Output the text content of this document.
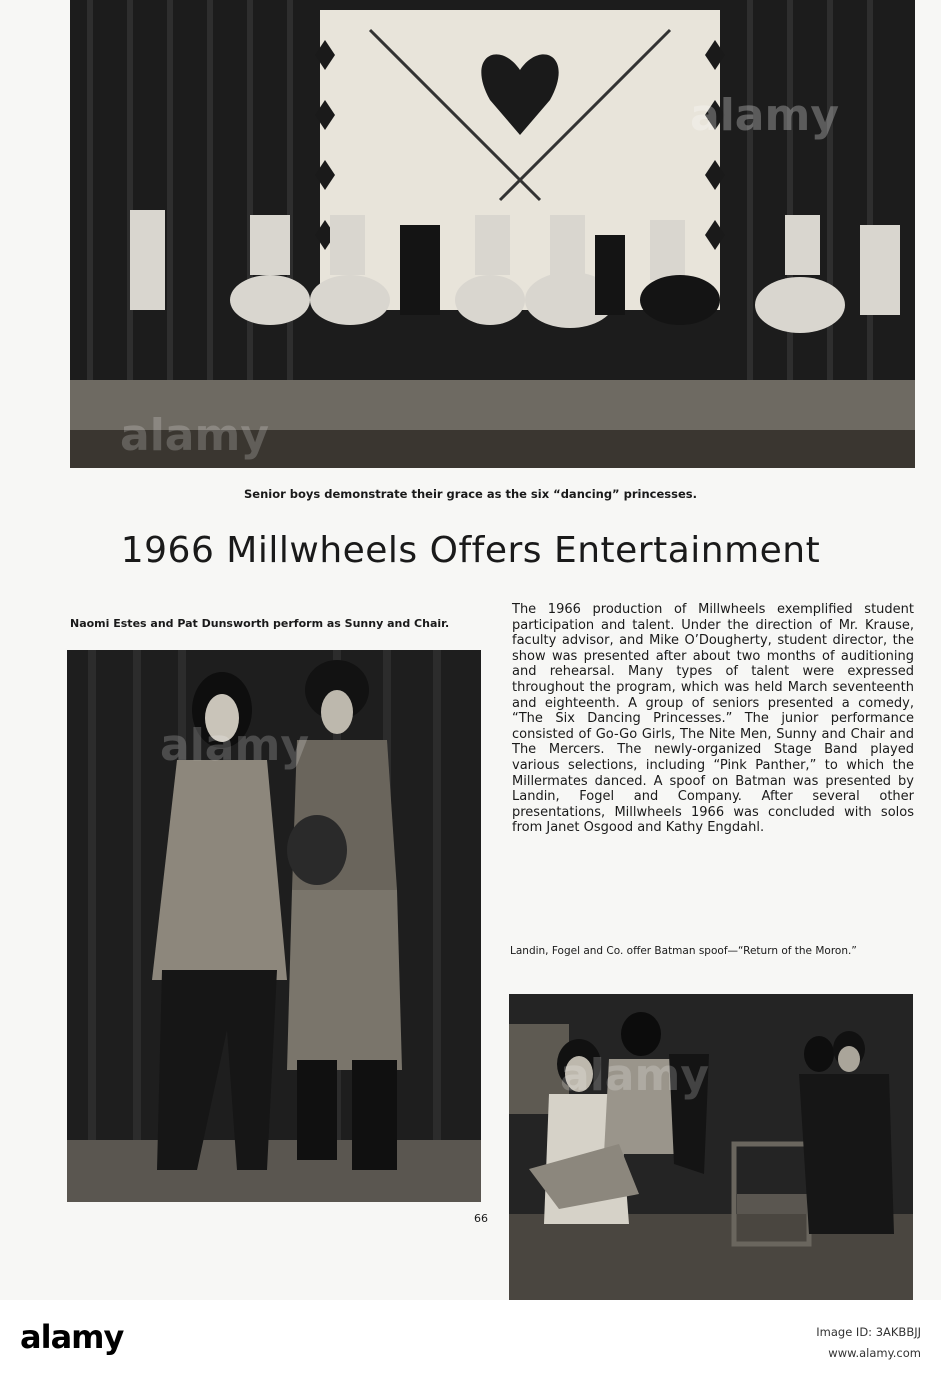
Senior boys demonstrate their grace as the six “dancing” princesses.
1966 Millwheels Offers Entertainment
Naomi Estes and Pat Dunsworth perform as Sunny and Chair.
The 1966 production of Millwheels exemplified student participation and talent. Under the direction of Mr. Krause, faculty advisor, and Mike O’Dougherty, student director, the show was presented after about two months of auditioning and rehearsal. Many types of talent were expressed throughout the program, which was held March seventeenth and eighteenth. A group of seniors presented a comedy, “The Six Dancing Princesses.” The junior performance consisted of Go-Go Girls, The Nite Men, Sunny and Chair and The Mercers. The newly-organized Stage Band played various selections, including “Pink Panther,” to which the Millermates danced. A spoof on Batman was presented by Landin, Fogel and Company. After several other presentations, Millwheels 1966 was concluded with solos from Janet Osgood and Kathy Engdahl.
Landin, Fogel and Co. offer Batman spoof—“Return of the Moron.”
66
alamy
alamy
alamy
alamy
alamy	Image ID: 3AKBBJJ
www.alamy.com
